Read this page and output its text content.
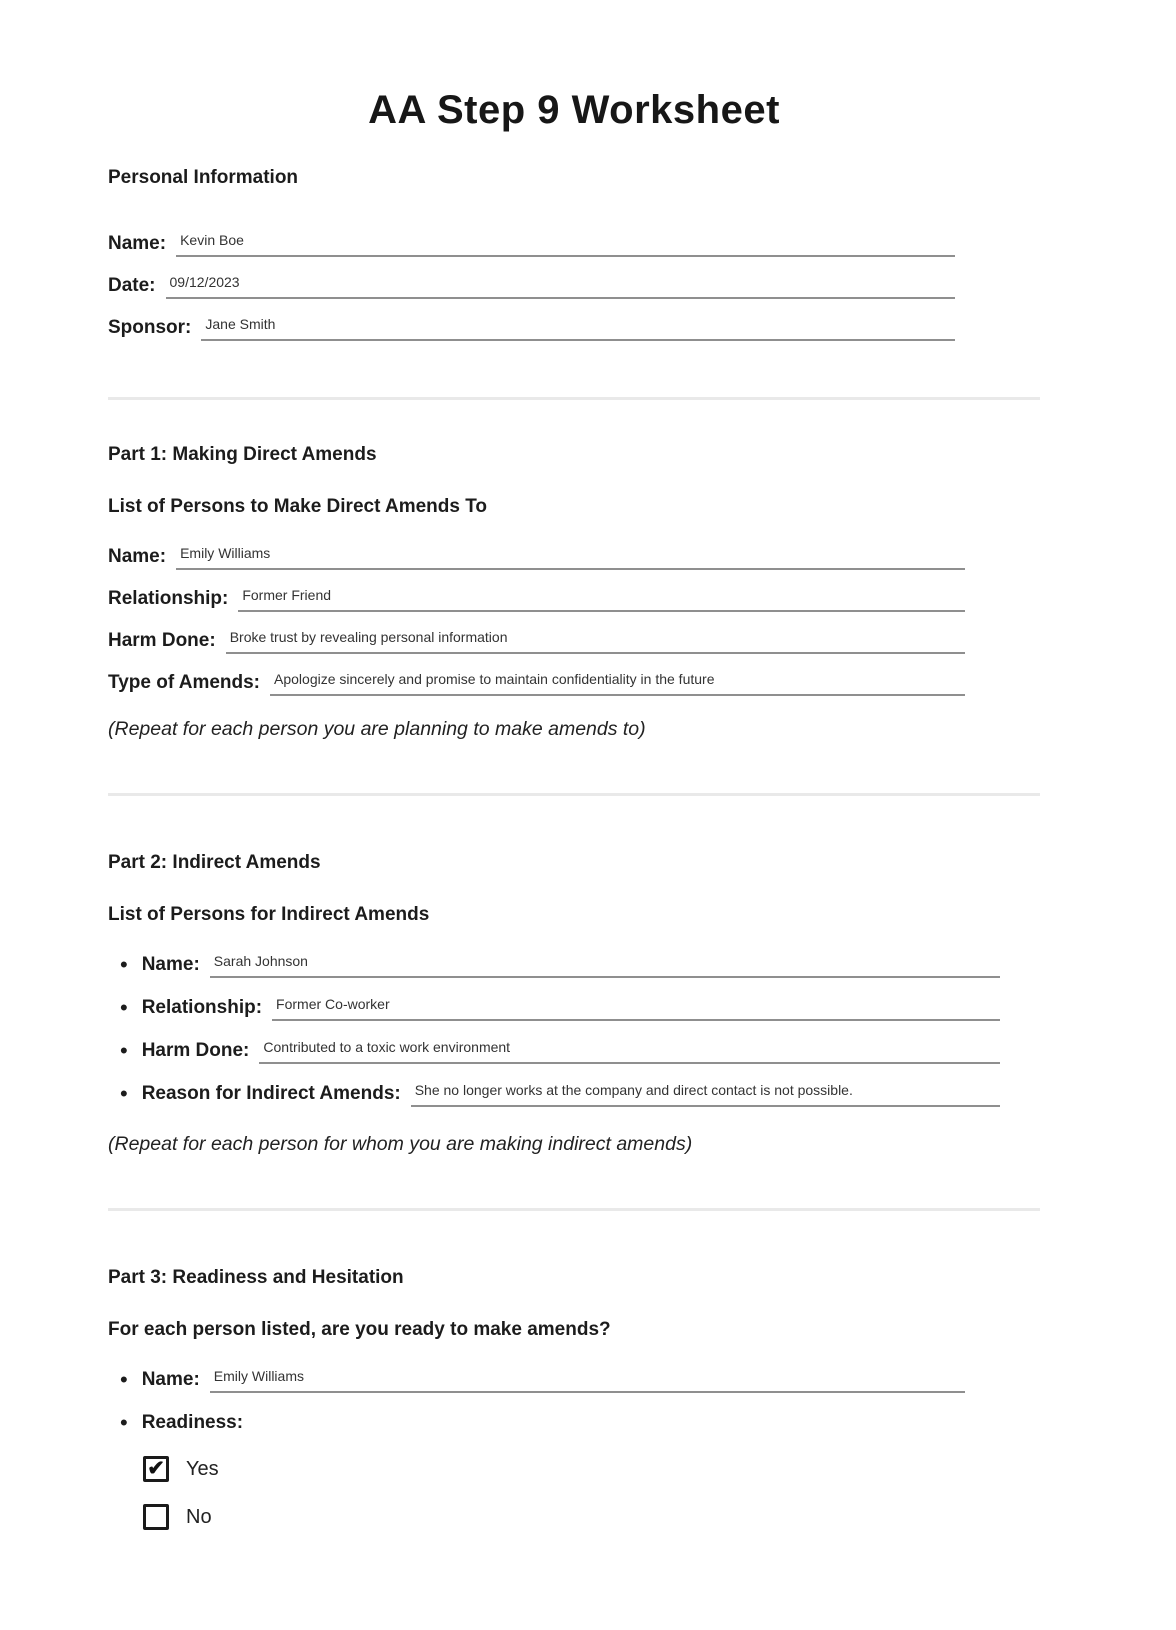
AA Step 9 Worksheet
Personal Information
Name: Kevin Boe
Date: 09/12/2023
Sponsor: Jane Smith
Part 1: Making Direct Amends
List of Persons to Make Direct Amends To
Name: Emily Williams
Relationship: Former Friend
Harm Done: Broke trust by revealing personal information
Type of Amends: Apologize sincerely and promise to maintain confidentiality in the future

(Repeat for each person you are planning to make amends to)

Part 2: Indirect Amends
List of Persons for Indirect Amends
• Name: Sarah Johnson
• Relationship: Former Co-worker
• Harm Done: Contributed to a toxic work environment
• Reason for Indirect Amends: She no longer works at the company and direct contact is not possible.

(Repeat for each person for whom you are making indirect amends)

Part 3: Readiness and Hesitation
For each person listed, are you ready to make amends?
• Name: Emily Williams
• Readiness:
✔ Yes
No
